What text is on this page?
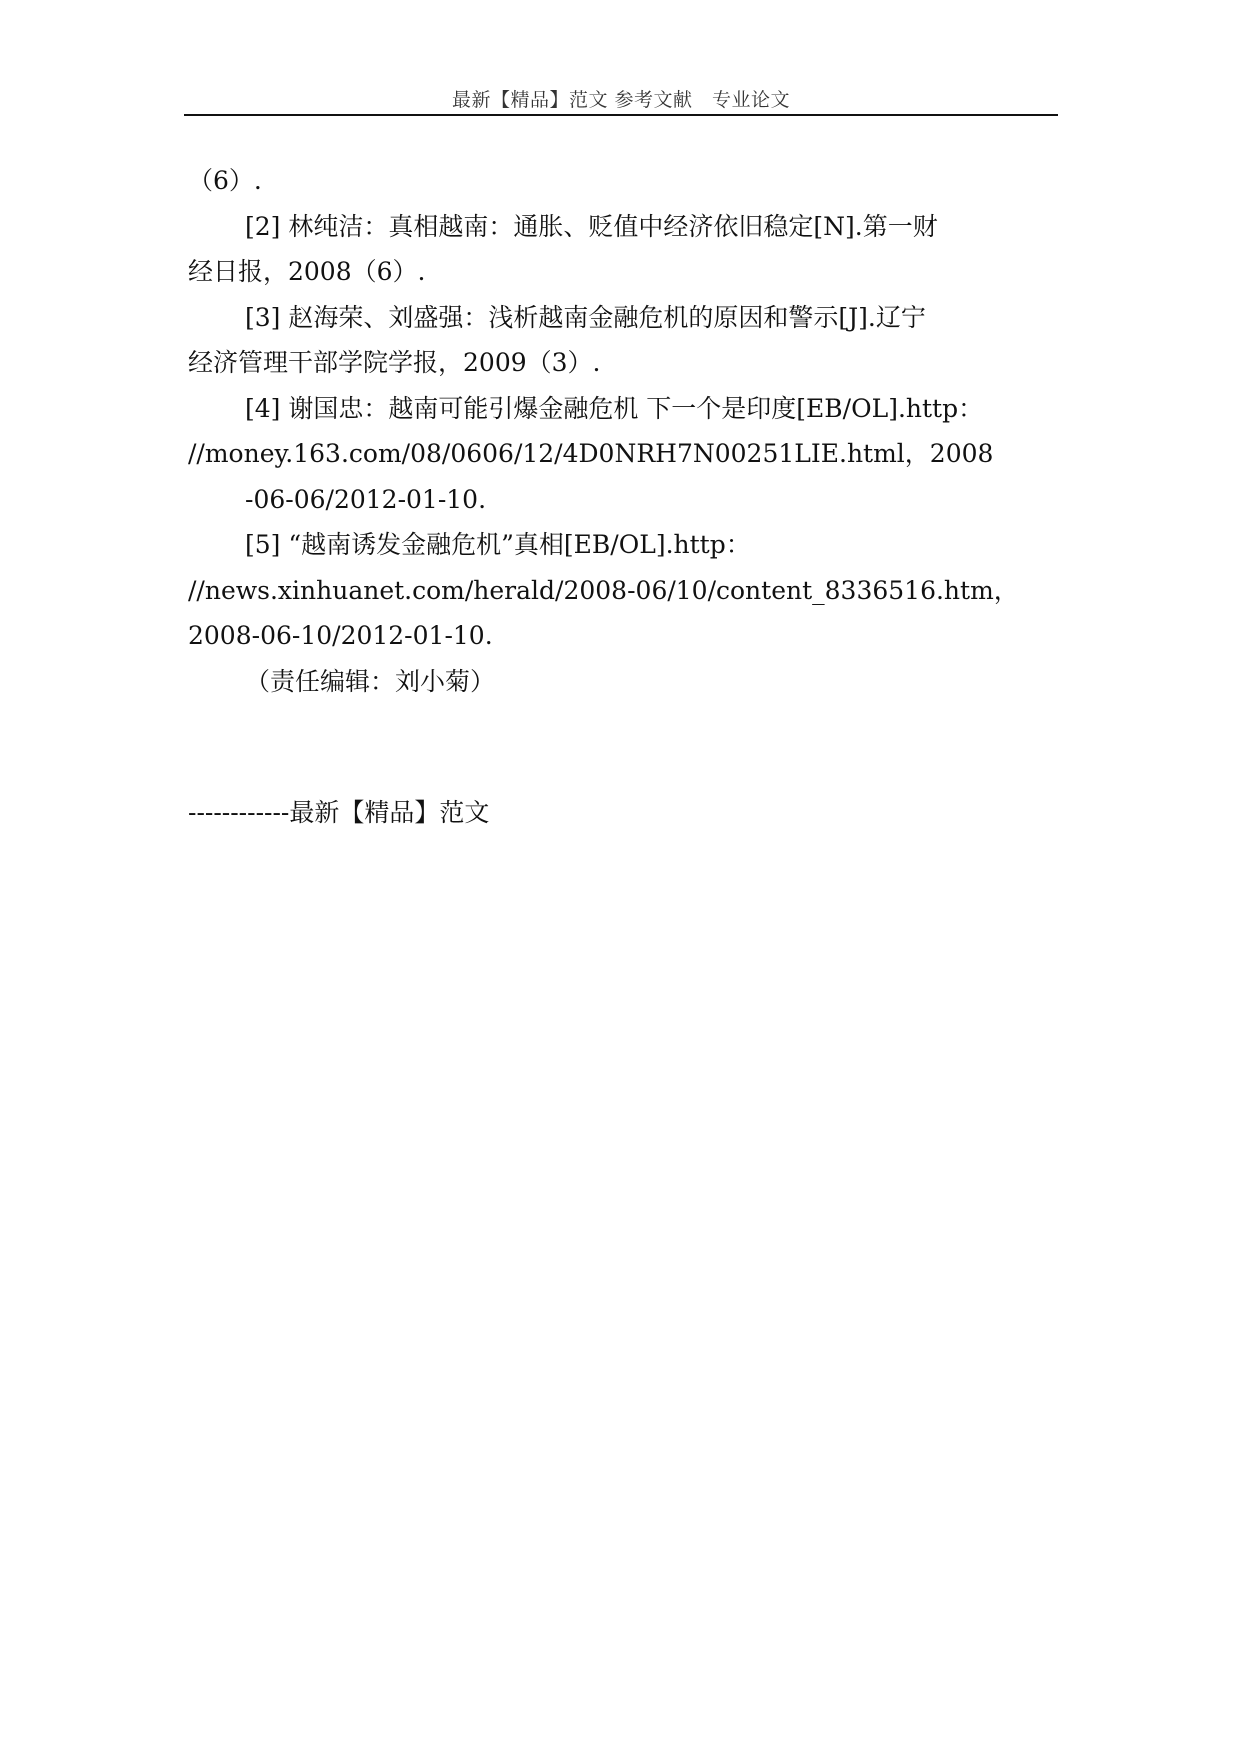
最新【精品】范文 参考文献　专业论文
（6）.
[2] 林纯洁：真相越南：通胀、贬值中经济依旧稳定[N].第一财
经日报，2008（6）.
[3] 赵海荣、刘盛强：浅析越南金融危机的原因和警示[J].辽宁
经济管理干部学院学报，2009（3）.
[4] 谢国忠：越南可能引爆金融危机 下一个是印度[EB/OL].http：
//money.163.com/08/0606/12/4D0NRH7N00251LIE.html，2008
-06-06/2012-01-10.
[5] “越南诱发金融危机”真相[EB/OL].http：
//news.xinhuanet.com/herald/2008-06/10/content_8336516.htm，
2008-06-10/2012-01-10.
（责任编辑：刘小菊）
------------最新【精品】范文
